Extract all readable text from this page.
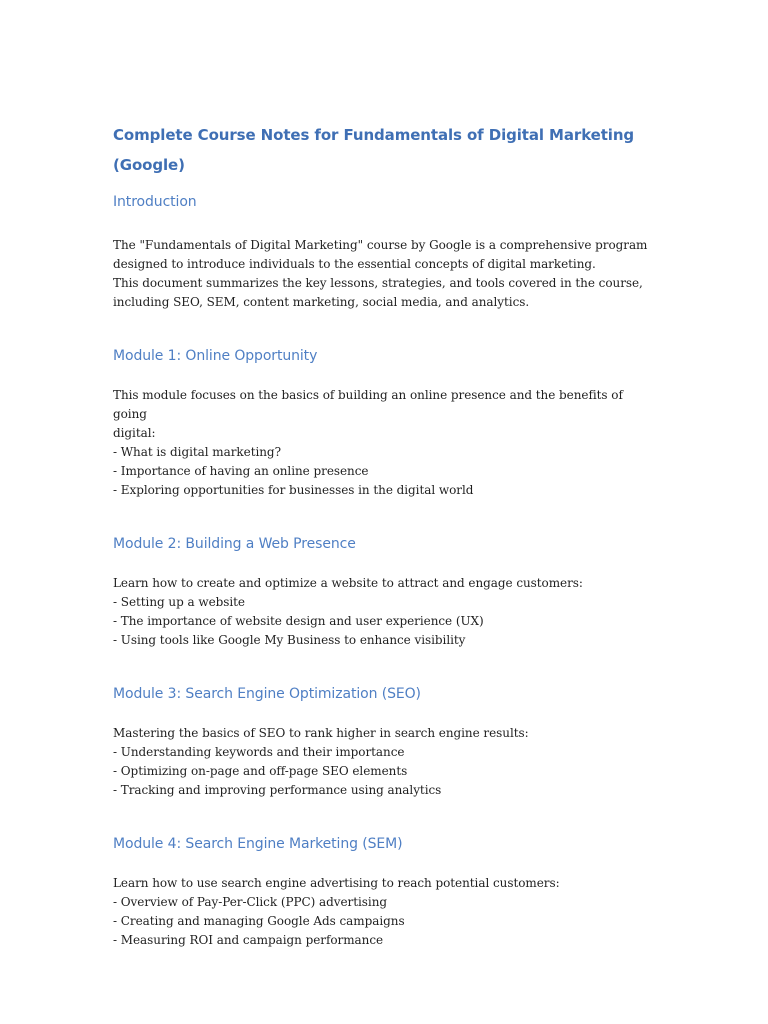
Complete Course Notes for Fundamentals of Digital Marketing (Google)
Introduction

The "Fundamentals of Digital Marketing" course by Google is a comprehensive program
designed to introduce individuals to the essential concepts of digital marketing.
This document summarizes the key lessons, strategies, and tools covered in the course,
including SEO, SEM, content marketing, social media, and analytics.

Module 1: Online Opportunity

This module focuses on the basics of building an online presence and the benefits of going
digital:
- What is digital marketing?
- Importance of having an online presence
- Exploring opportunities for businesses in the digital world

Module 2: Building a Web Presence

Learn how to create and optimize a website to attract and engage customers:
- Setting up a website
- The importance of website design and user experience (UX)
- Using tools like Google My Business to enhance visibility

Module 3: Search Engine Optimization (SEO)

Mastering the basics of SEO to rank higher in search engine results:
- Understanding keywords and their importance
- Optimizing on-page and off-page SEO elements
- Tracking and improving performance using analytics

Module 4: Search Engine Marketing (SEM)

Learn how to use search engine advertising to reach potential customers:
- Overview of Pay-Per-Click (PPC) advertising
- Creating and managing Google Ads campaigns
- Measuring ROI and campaign performance
